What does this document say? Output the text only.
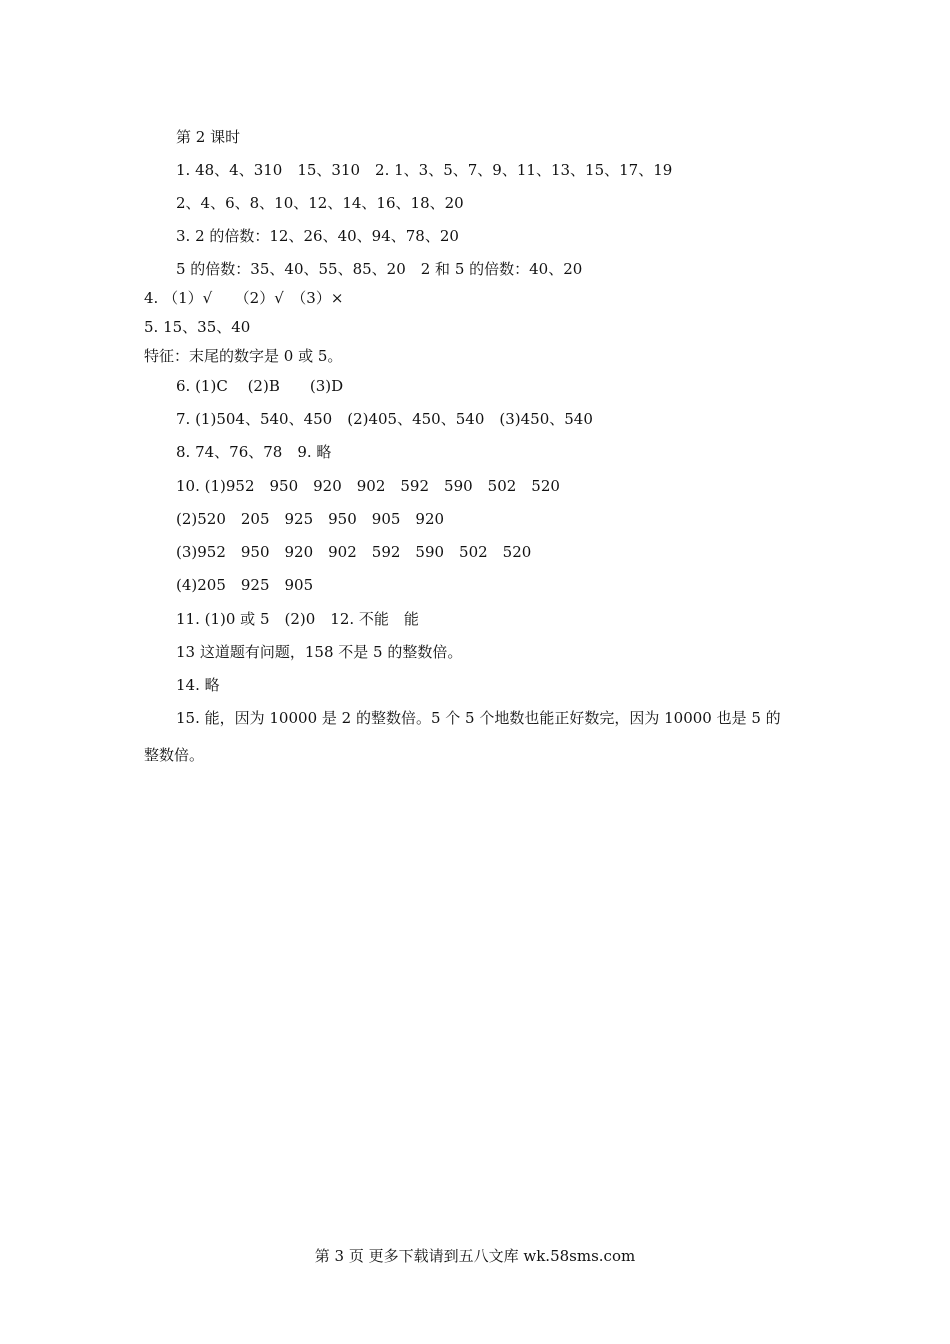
第 2 课时
1. 48、4、310　15、310　2. 1、3、5、7、9、11、13、15、17、19
2、4、6、8、10、12、14、16、18、20
3. 2 的倍数：12、26、40、94、78、20
5 的倍数：35、40、55、85、20　2 和 5 的倍数：40、20
4. （1）√　　（2）√　（3）×
5. 15、35、40
特征：末尾的数字是 0 或 5。
6. (1)C　 (2)B　　(3)D
7. (1)504、540、450　(2)405、450、540　(3)450、540
8. 74、76、78　9. 略
10. (1)952　950　920　902　592　590　502　520
(2)520　205　925　950　905　920
(3)952　950　920　902　592　590　502　520
(4)205　925　905
11. (1)0 或 5　(2)0　12. 不能　能
13 这道题有问题，158 不是 5 的整数倍。
14. 略
15. 能，因为 10000 是 2 的整数倍。5 个 5 个地数也能正好数完，因为 10000 也是 5 的
整数倍。
第 3 页 更多下载请到五八文库 wk.58sms.com
